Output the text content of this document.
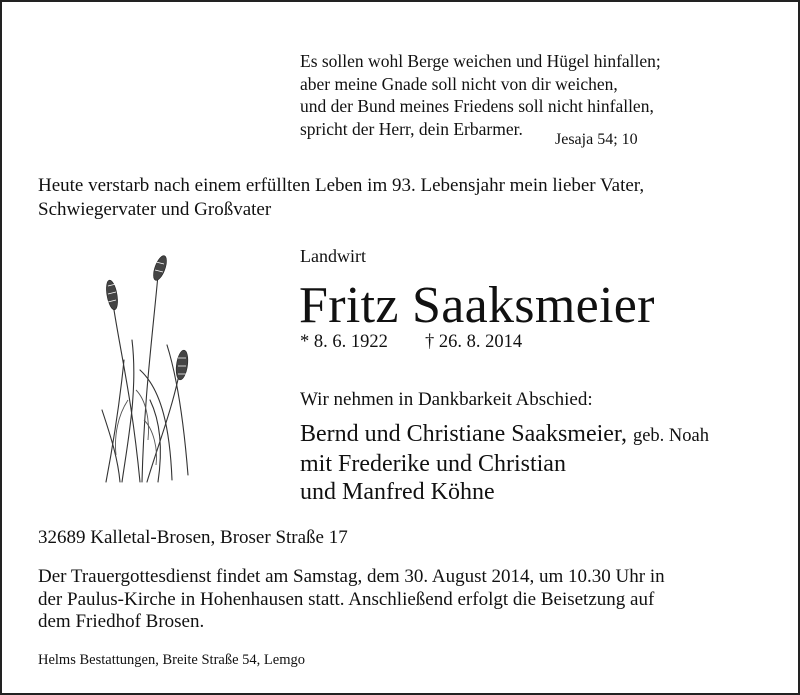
Es sollen wohl Berge weichen und Hügel hinfallen;
aber meine Gnade soll nicht von dir weichen,
und der Bund meines Friedens soll nicht hinfallen,
spricht der Herr, dein Erbarmer.
Jesaja 54; 10
Heute verstarb nach einem erfüllten Leben im 93. Lebensjahr mein lieber Vater,
Schwiegervater und Großvater
Landwirt
Fritz Saaksmeier
* 8. 6. 1922 † 26. 8. 2014
Wir nehmen in Dankbarkeit Abschied:
Bernd und Christiane Saaksmeier, geb. Noah
mit Frederike und Christian
und Manfred Köhne
32689 Kalletal-Brosen, Broser Straße 17
Der Trauergottesdienst findet am Samstag, dem 30. August 2014, um 10.30 Uhr in
der Paulus-Kirche in Hohenhausen statt. Anschließend erfolgt die Beisetzung auf
dem Friedhof Brosen.
Helms Bestattungen, Breite Straße 54, Lemgo
